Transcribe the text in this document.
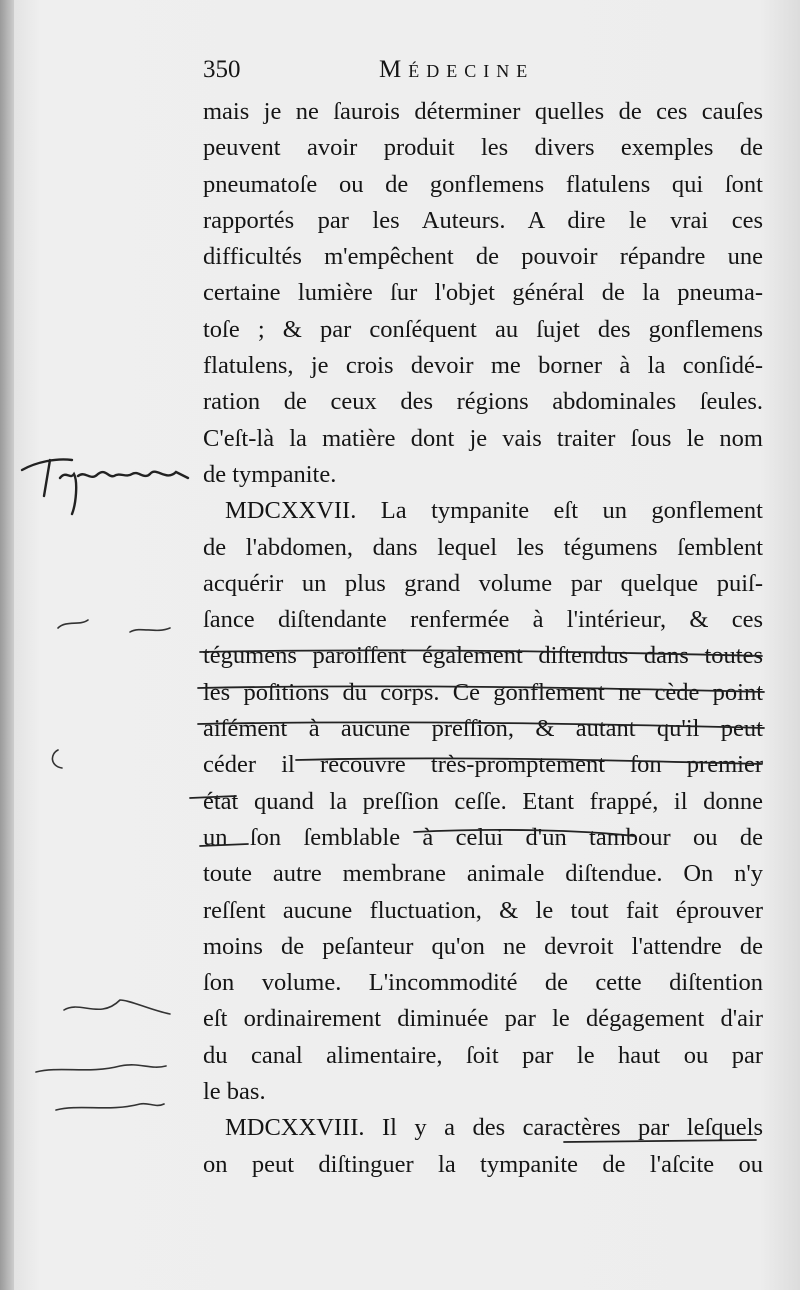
350	Médecine
mais je ne ſaurois déterminer quelles de ces cauſes
peuvent avoir produit les divers exemples de
pneumatoſe ou de gonflemens flatulens qui ſont
rapportés par les Auteurs. A dire le vrai ces
difficultés m'empêchent de pouvoir répandre une
certaine lumière ſur l'objet général de la pneuma-
toſe ; & par conſéquent au ſujet des gonflemens
flatulens, je crois devoir me borner à la conſidé-
ration de ceux des régions abdominales ſeules.
C'eſt-là la matière dont je vais traiter ſous le nom
de tympanite.
MDCXXVII. La tympanite eſt un gonflement
de l'abdomen, dans lequel les tégumens ſemblent
acquérir un plus grand volume par quelque puiſ-
ſance diſtendante renfermée à l'intérieur, & ces
tégumens paroiſſent également diſtendus dans toutes
les poſitions du corps. Ce gonflement ne cède point
aiſément à aucune preſſion, & autant qu'il peut
céder il recouvre très-promptement ſon premier
état quand la preſſion ceſſe. Etant frappé, il donne
un ſon ſemblable à celui d'un tambour ou de
toute autre membrane animale diſtendue. On n'y
reſſent aucune fluctuation, & le tout fait éprouver
moins de peſanteur qu'on ne devroit l'attendre de
ſon volume. L'incommodité de cette diſtention
eſt ordinairement diminuée par le dégagement d'air
du canal alimentaire, ſoit par le haut ou par
le bas.
MDCXXVIII. Il y a des caractères par leſquels
on peut diſtinguer la tympanite de l'aſcite ou
